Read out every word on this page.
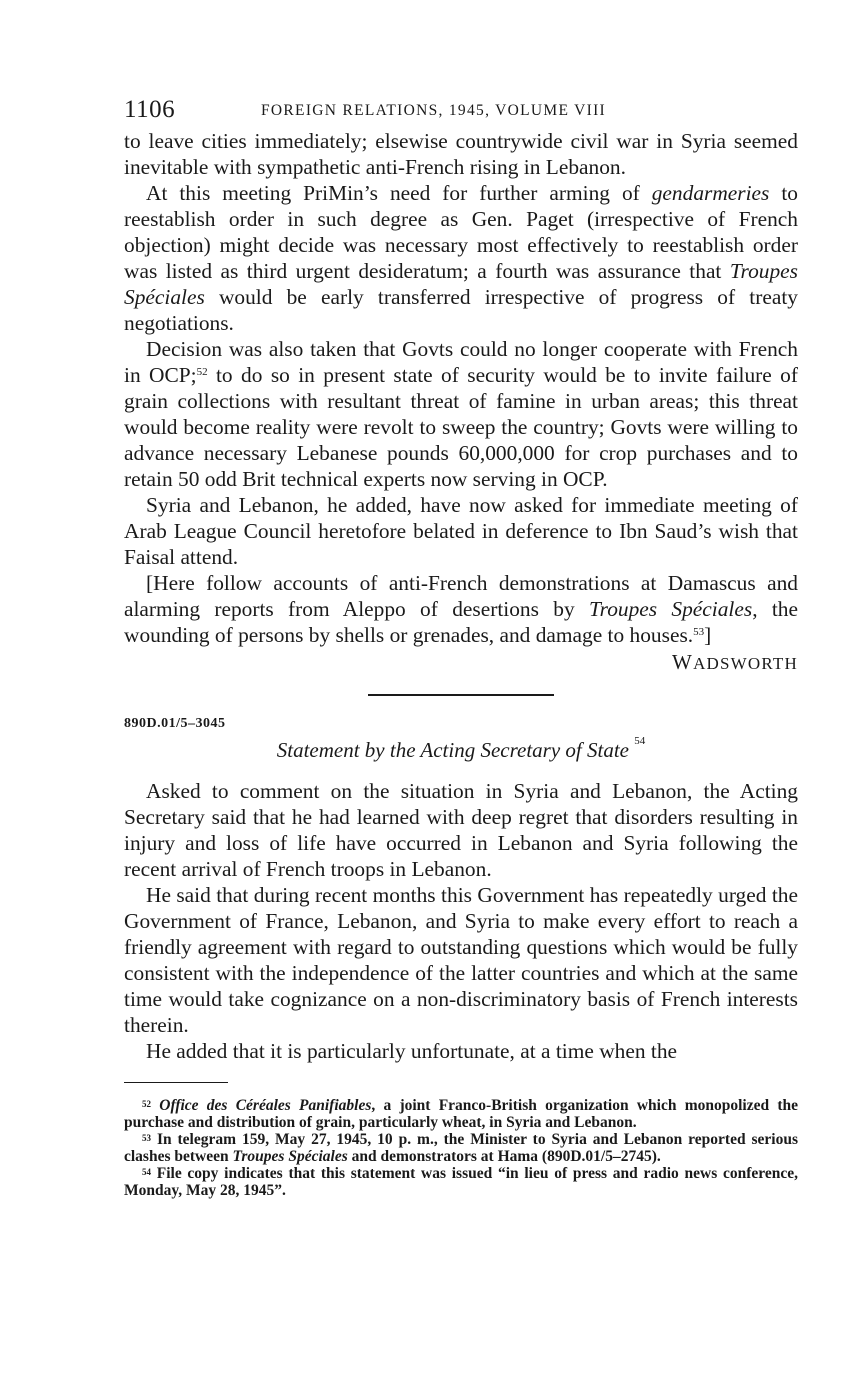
1106	FOREIGN RELATIONS, 1945, VOLUME VIII

to leave cities immediately; elsewise countrywide civil war in Syria seemed inevitable with sympathetic anti-French rising in Lebanon.

At this meeting PriMin’s need for further arming of gendarmeries to reestablish order in such degree as Gen. Paget (irrespective of French objection) might decide was necessary most effectively to reestablish order was listed as third urgent desideratum; a fourth was assurance that Troupes Spéciales would be early transferred irrespective of progress of treaty negotiations.

Decision was also taken that Govts could no longer cooperate with French in OCP;$^{52}$ to do so in present state of security would be to invite failure of grain collections with resultant threat of famine in urban areas; this threat would become reality were revolt to sweep the country; Govts were willing to advance necessary Lebanese pounds 60,000,000 for crop purchases and to retain 50 odd Brit technical experts now serving in OCP.

Syria and Lebanon, he added, have now asked for immediate meeting of Arab League Council heretofore belated in deference to Ibn Saud’s wish that Faisal attend.

[Here follow accounts of anti-French demonstrations at Damascus and alarming reports from Aleppo of desertions by Troupes Spéciales, the wounding of persons by shells or grenades, and damage to houses.$^{53}$]

WADSWORTH
890D.01/5–3045
Statement by the Acting Secretary of State $^{54}$

Asked to comment on the situation in Syria and Lebanon, the Acting Secretary said that he had learned with deep regret that disorders resulting in injury and loss of life have occurred in Lebanon and Syria following the recent arrival of French troops in Lebanon.

He said that during recent months this Government has repeatedly urged the Government of France, Lebanon, and Syria to make every effort to reach a friendly agreement with regard to outstanding questions which would be fully consistent with the independence of the latter countries and which at the same time would take cognizance on a non-discriminatory basis of French interests therein.

He added that it is particularly unfortunate, at a time when the

$^{52}$ Office des Céréales Panifiables, a joint Franco-British organization which monopolized the purchase and distribution of grain, particularly wheat, in Syria and Lebanon.

$^{53}$ In telegram 159, May 27, 1945, 10 p. m., the Minister to Syria and Lebanon reported serious clashes between Troupes Spéciales and demonstrators at Hama (890D.01/5–2745).

$^{54}$ File copy indicates that this statement was issued “in lieu of press and radio news conference, Monday, May 28, 1945”.
